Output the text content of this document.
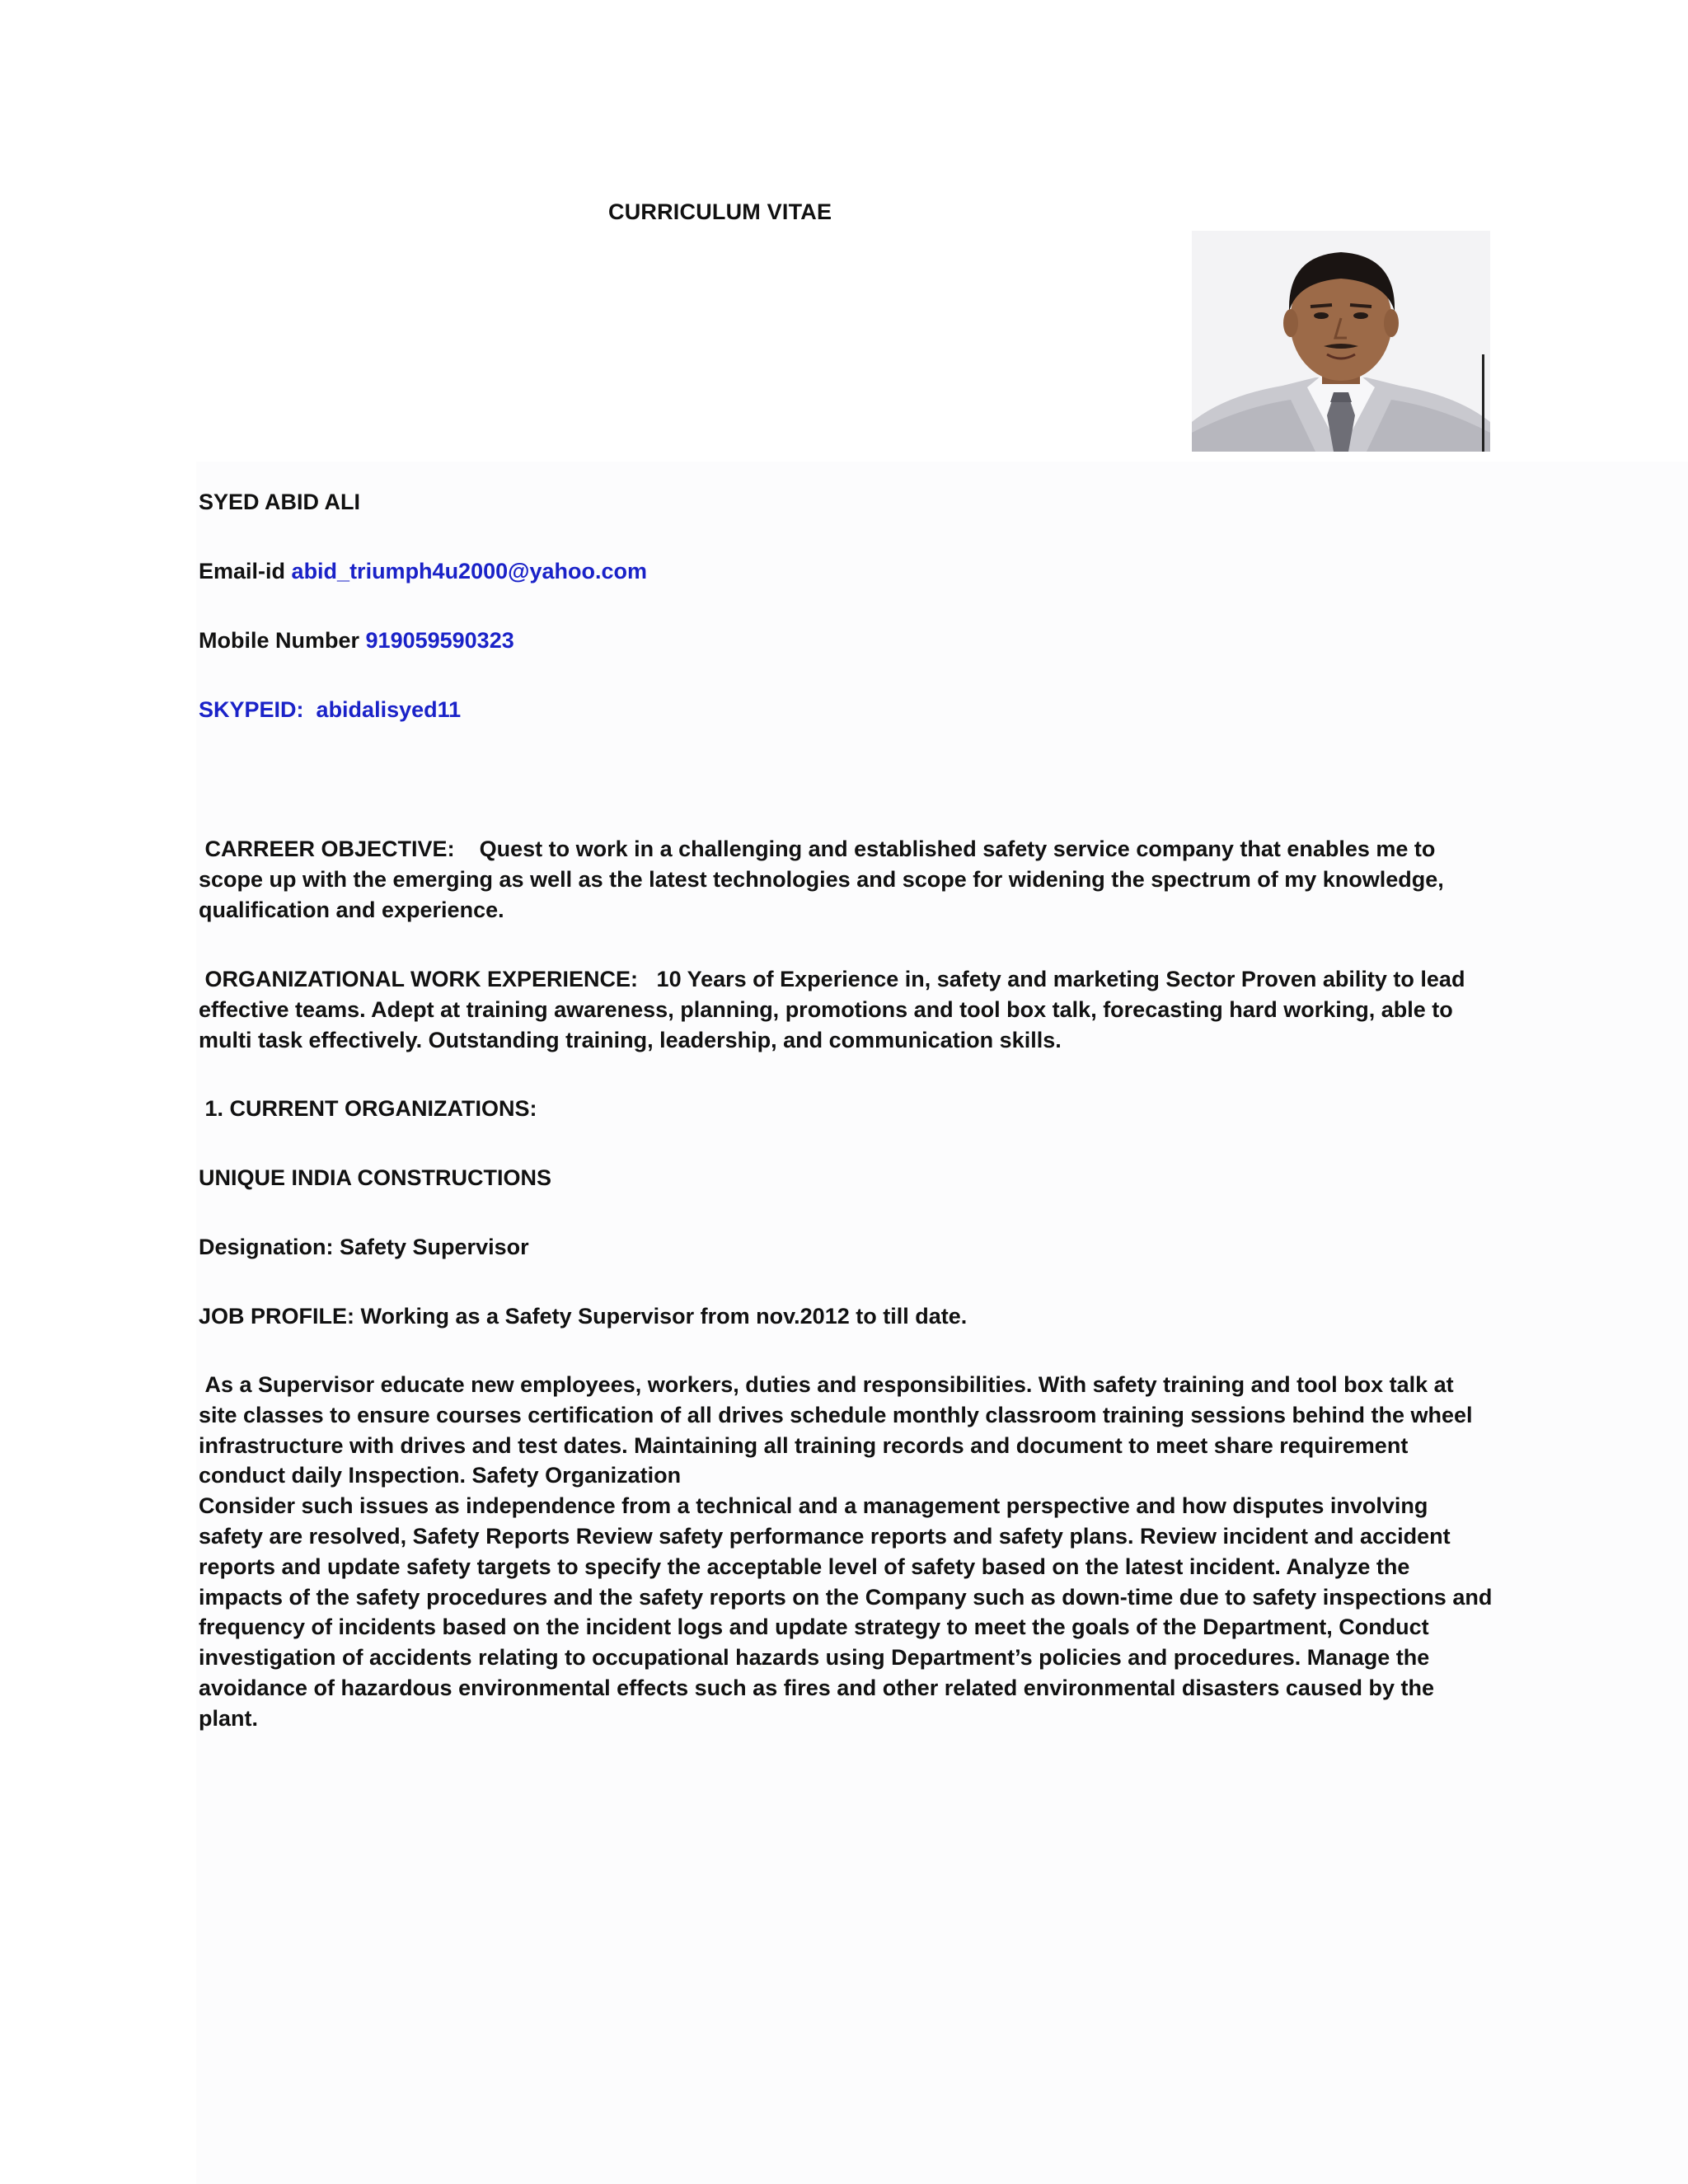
CURRICULUM VITAE
SYED ABID ALI
Email-id abid_triumph4u2000@yahoo.com
Mobile Number 919059590323
SKYPEID: abidalisyed11

CARREER OBJECTIVE: Quest to work in a challenging and established safety service company that enables me to scope up with the emerging as well as the latest technologies and scope for widening the spectrum of my knowledge, qualification and experience.

ORGANIZATIONAL WORK EXPERIENCE: 10 Years of Experience in, safety and marketing Sector Proven ability to lead effective teams. Adept at training awareness, planning, promotions and tool box talk, forecasting hard working, able to multi task effectively. Outstanding training, leadership, and communication skills.

1. CURRENT ORGANIZATIONS:
UNIQUE INDIA CONSTRUCTIONS
Designation: Safety Supervisor
JOB PROFILE: Working as a Safety Supervisor from nov.2012 to till date.

As a Supervisor educate new employees, workers, duties and responsibilities. With safety training and tool box talk at site classes to ensure courses certification of all drives schedule monthly classroom training sessions behind the wheel infrastructure with drives and test dates. Maintaining all training records and document to meet share requirement conduct daily Inspection. Safety Organization

Consider such issues as independence from a technical and a management perspective and how disputes involving safety are resolved, Safety Reports Review safety performance reports and safety plans. Review incident and accident reports and update safety targets to specify the acceptable level of safety based on the latest incident. Analyze the impacts of the safety procedures and the safety reports on the Company such as down-time due to safety inspections and frequency of incidents based on the incident logs and update strategy to meet the goals of the Department, Conduct investigation of accidents relating to occupational hazards using Department’s policies and procedures. Manage the avoidance of hazardous environmental effects such as fires and other related environmental disasters caused by the plant.
